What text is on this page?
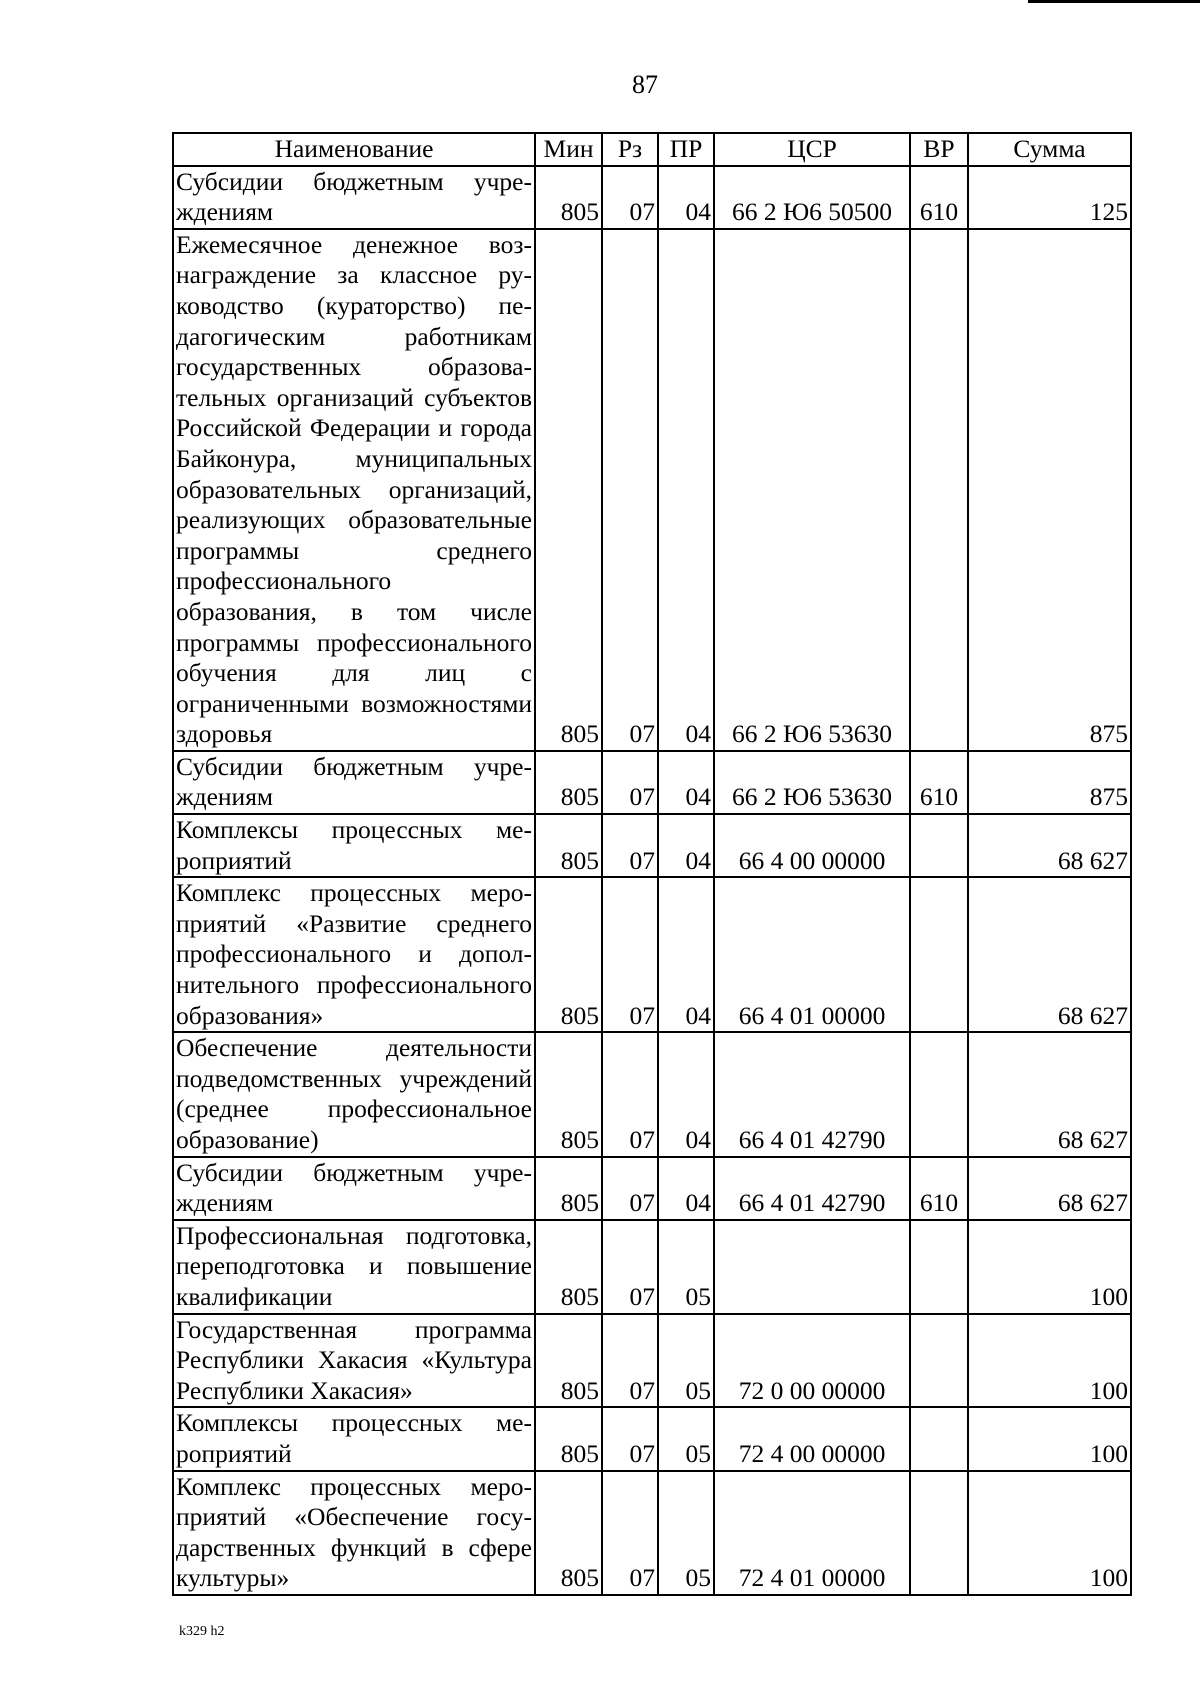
87
Наименование	Мин	Рз	ПР	ЦСР	ВР	Сумма
Субсидии бюджетным учреждениям	805	07	04	66 2 Ю6 50500	610	125
Ежемесячное денежное вознаграждение за классное руководство (кураторство) педагогическим работникам государственных образовательных организаций субъектов Российской Федерации и города Байконура, муниципальных образовательных организаций, реализующих образовательные программы среднего профессионального образования, в том числе программы профессионального обучения для лиц с ограниченными возможностями здоровья	805	07	04	66 2 Ю6 53630		875
Субсидии бюджетным учреждениям	805	07	04	66 2 Ю6 53630	610	875
Комплексы процессных мероприятий	805	07	04	66 4 00 00000		68 627
Комплекс процессных мероприятий «Развитие среднего профессионального и дополнительного профессионального образования»	805	07	04	66 4 01 00000		68 627
Обеспечение деятельности подведомственных учреждений (среднее профессиональное образование)	805	07	04	66 4 01 42790		68 627
Субсидии бюджетным учреждениям	805	07	04	66 4 01 42790	610	68 627
Профессиональная подготовка, переподготовка и повышение квалификации	805	07	05			100
Государственная программа Республики Хакасия «Культура Республики Хакасия»	805	07	05	72 0 00 00000		100
Комплексы процессных мероприятий	805	07	05	72 4 00 00000		100
Комплекс процессных мероприятий «Обеспечение государственных функций в сфере культуры»	805	07	05	72 4 01 00000		100
k329 h2
